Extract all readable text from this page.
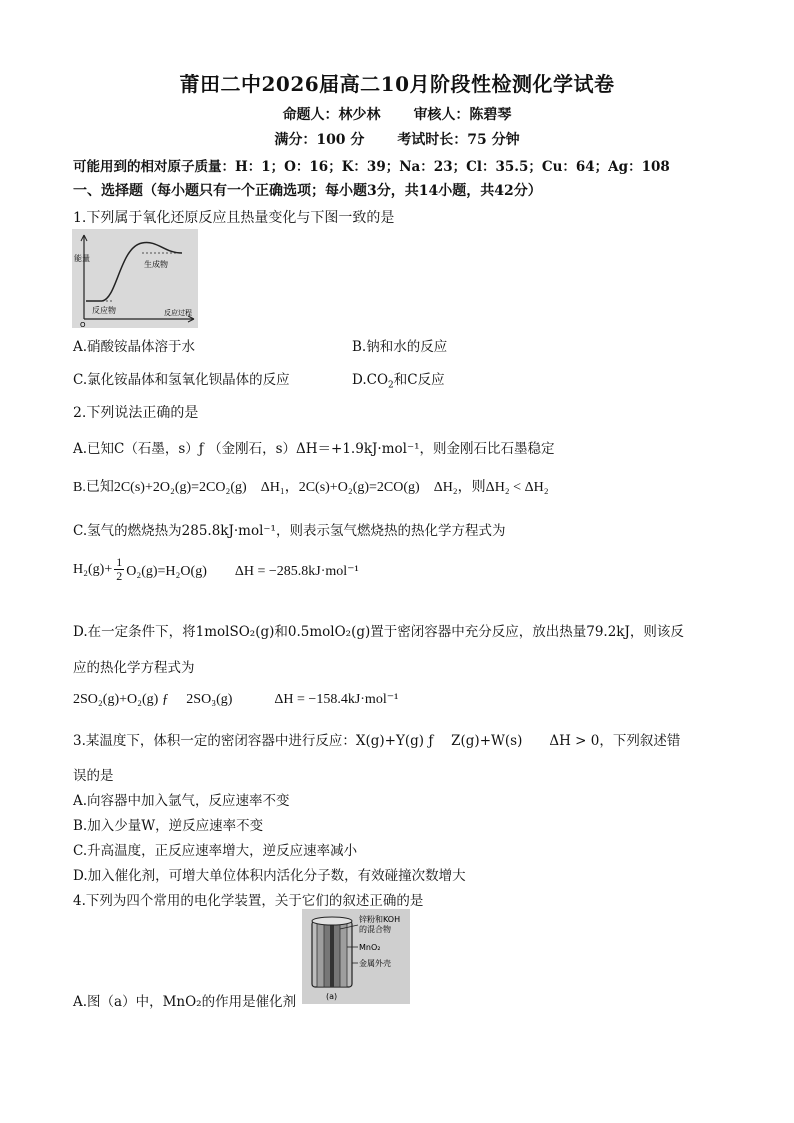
莆田二中2026届高二10月阶段性检测化学试卷
命题人：林少林 审核人：陈碧琴
满分：100 分 考试时长：75 分钟
可能用到的相对原子质量：H：1；O：16；K：39；Na：23；Cl：35.5；Cu：64；Ag：108
一、选择题（每小题只有一个正确选项；每小题3分，共14小题，共42分）
1.下列属于氧化还原反应且热量变化与下图一致的是
能量
生成物
反应物	反应过程
O
A.硝酸铵晶体溶于水	B.钠和水的反应
C.氯化铵晶体和氢氧化钡晶体的反应	$D.CO_2$和C反应
2.下列说法正确的是
A.已知C（石墨，s）ƒ （金刚石，s）ΔH＝+1.9kJ·mol⁻¹，则金刚石比石墨稳定
B.已知2C(s)+2O₂(g)=2CO₂(g)　ΔH₁，2C(s)+O₂(g)=2CO(g)　ΔH₂，则ΔH₂ < ΔH₂
C.氢气的燃烧热为285.8kJ·mol⁻¹，则表示氢气燃烧热的热化学方程式为
$H_2(g)+ \frac{1}{2} O_2(g)=H_2O(g)$　　ΔH = −285.8kJ·mol⁻¹
D.在一定条件下，将1molSO₂(g)和0.5molO₂(g)置于密闭容器中充分反应，放出热量79.2kJ，则该反
应的热化学方程式为
2SO₂(g)+O₂(g) ƒ 　2SO₃(g)　　　ΔH = −158.4kJ·mol⁻¹
3.某温度下，体积一定的密闭容器中进行反应：X(g)+Y(g) ƒ 　Z(g)+W(s)　　ΔH > 0，下列叙述错
误的是
A.向容器中加入氩气，反应速率不变
B.加入少量W，逆反应速率不变
C.升高温度，正反应速率增大，逆反应速率减小
D.加入催化剂，可增大单位体积内活化分子数，有效碰撞次数增大
4.下列为四个常用的电化学装置，关于它们的叙述正确的是
锌粉和KOH
的混合物
MnO₂
金属外壳
(a)
A.图（a）中，MnO₂的作用是催化剂
